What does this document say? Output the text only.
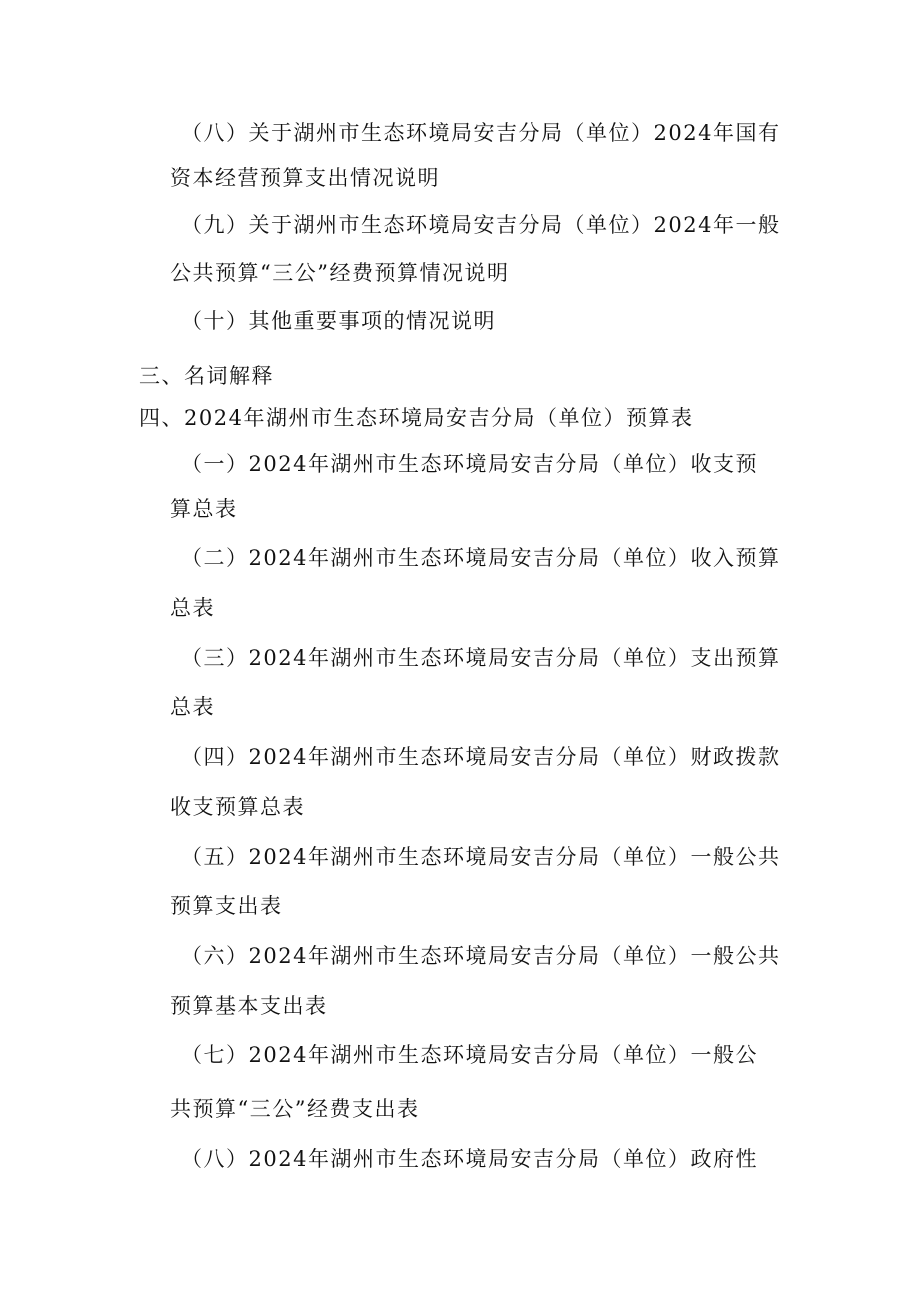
（八）关于湖州市生态环境局安吉分局（单位）2024年国有
资本经营预算支出情况说明
（九）关于湖州市生态环境局安吉分局（单位）2024年一般
公共预算“三公”经费预算情况说明
（十）其他重要事项的情况说明
三、名词解释
四、2024年湖州市生态环境局安吉分局（单位）预算表
（一）2024年湖州市生态环境局安吉分局（单位）收支预
算总表
（二）2024年湖州市生态环境局安吉分局（单位）收入预算
总表
（三）2024年湖州市生态环境局安吉分局（单位）支出预算
总表
（四）2024年湖州市生态环境局安吉分局（单位）财政拨款
收支预算总表
（五）2024年湖州市生态环境局安吉分局（单位）一般公共
预算支出表
（六）2024年湖州市生态环境局安吉分局（单位）一般公共
预算基本支出表
（七）2024年湖州市生态环境局安吉分局（单位）一般公
共预算“三公”经费支出表
（八）2024年湖州市生态环境局安吉分局（单位）政府性
